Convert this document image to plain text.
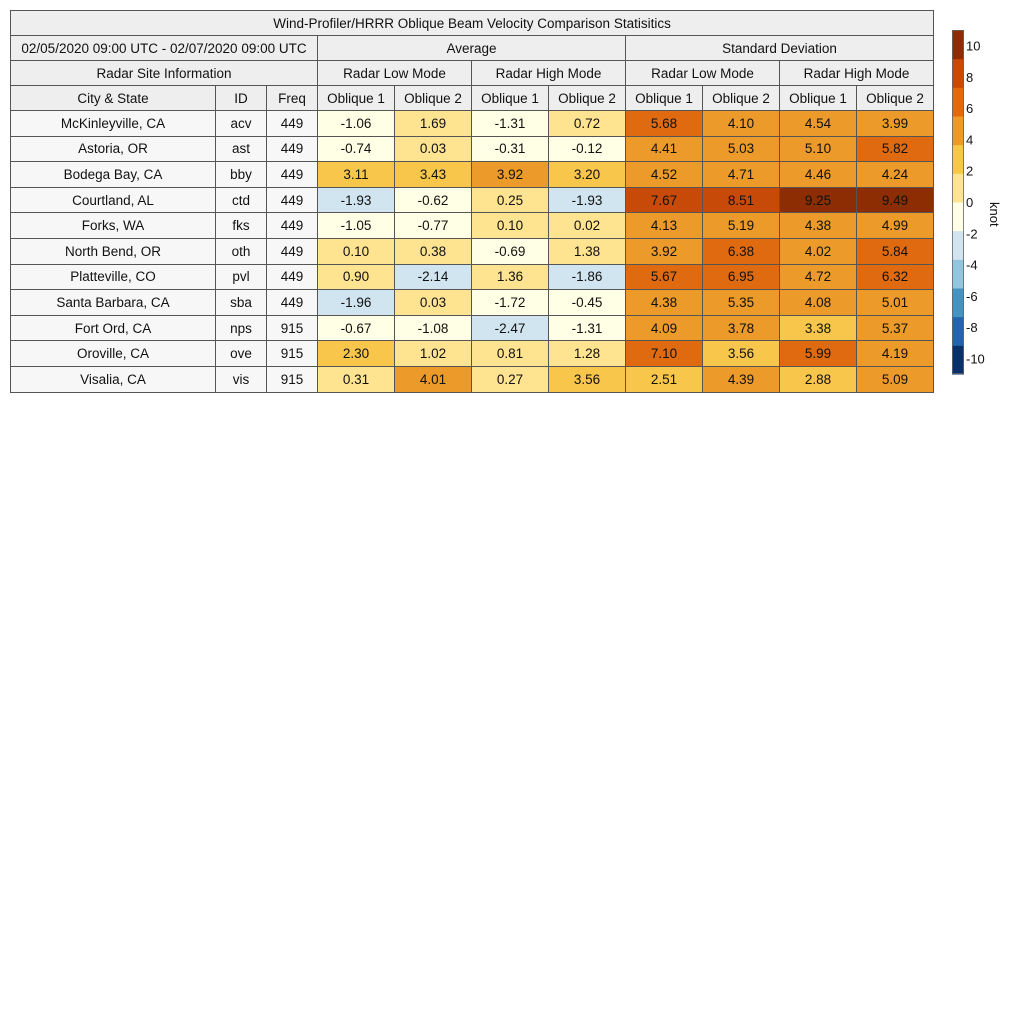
Wind-Profiler/HRRR Oblique Beam Velocity Comparison Statisitics										
02/05/2020 09:00 UTC - 02/07/2020 09:00 UTC			Average				Standard Deviation			
Radar Site Information			Radar Low Mode		Radar High Mode		Radar Low Mode		Radar High Mode	
City & State	ID	Freq	Oblique 1	Oblique 2	Oblique 1	Oblique 2	Oblique 1	Oblique 2	Oblique 1	Oblique 2
McKinleyville, CA	acv	449	-1.06	1.69	-1.31	0.72	5.68	4.10	4.54	3.99
Astoria, OR	ast	449	-0.74	0.03	-0.31	-0.12	4.41	5.03	5.10	5.82
Bodega Bay, CA	bby	449	3.11	3.43	3.92	3.20	4.52	4.71	4.46	4.24
Courtland, AL	ctd	449	-1.93	-0.62	0.25	-1.93	7.67	8.51	9.25	9.49
Forks, WA	fks	449	-1.05	-0.77	0.10	0.02	4.13	5.19	4.38	4.99
North Bend, OR	oth	449	0.10	0.38	-0.69	1.38	3.92	6.38	4.02	5.84
Platteville, CO	pvl	449	0.90	-2.14	1.36	-1.86	5.67	6.95	4.72	6.32
Santa Barbara, CA	sba	449	-1.96	0.03	-1.72	-0.45	4.38	5.35	4.08	5.01
Fort Ord, CA	nps	915	-0.67	-1.08	-2.47	-1.31	4.09	3.78	3.38	5.37
Oroville, CA	ove	915	2.30	1.02	0.81	1.28	7.10	3.56	5.99	4.19
Visalia, CA	vis	915	0.31	4.01	0.27	3.56	2.51	4.39	2.88	5.09
10
8
6
4
2
0
-2
-4
-6
-8
-10
knot
